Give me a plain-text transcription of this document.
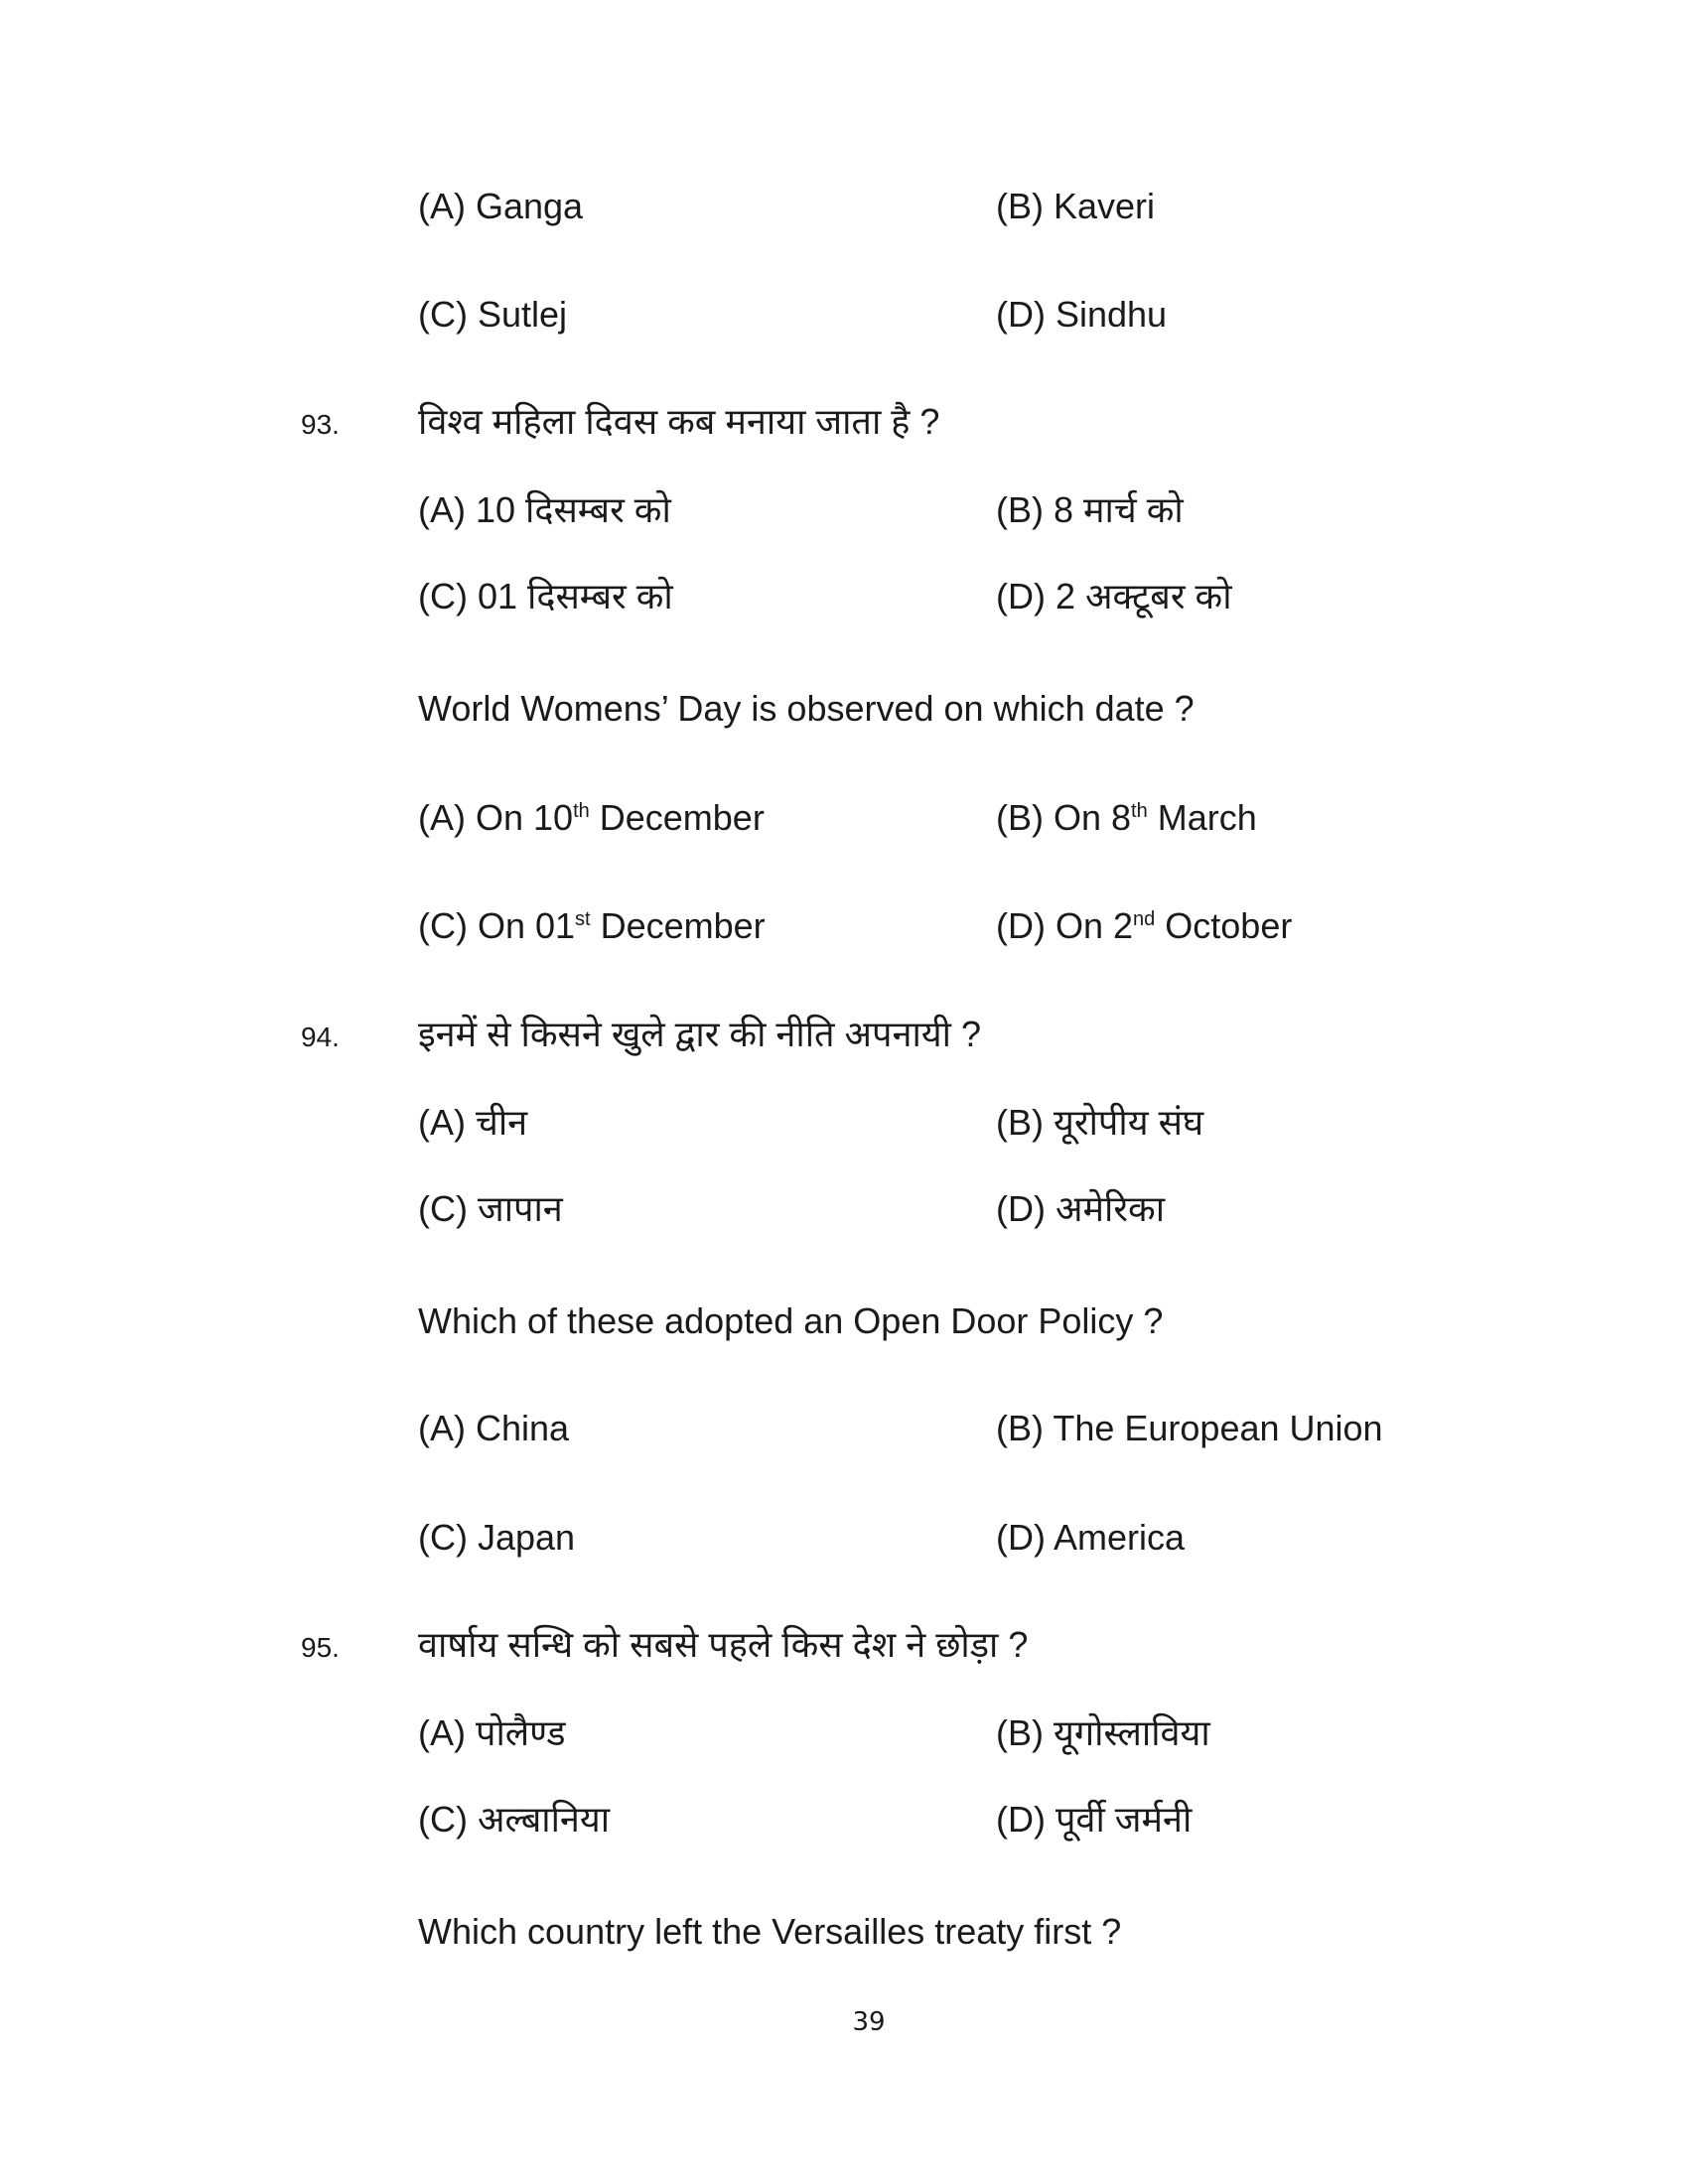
(A) Ganga	(B) Kaveri
(C) Sutlej	(D) Sindhu
93. विश्व महिला दिवस कब मनाया जाता है ?
(A) 10 दिसम्बर को	(B) 8 मार्च को
(C) 01 दिसम्बर को	(D) 2 अक्टूबर को
World Womens’ Day is observed on which date ?
(A) On 10th December	(B) On 8th March
(C) On 01st December	(D) On 2nd October
94. इनमें से किसने खुले द्वार की नीति अपनायी ?
(A) चीन	(B) यूरोपीय संघ
(C) जापान	(D) अमेरिका
Which of these adopted an Open Door Policy ?
(A) China	(B) The European Union
(C) Japan	(D) America
95. वार्षाय सन्धि को सबसे पहले किस देश ने छोड़ा ?
(A) पोलैण्ड	(B) यूगोस्लाविया
(C) अल्बानिया	(D) पूर्वी जर्मनी
Which country left the Versailles treaty first ?
39
